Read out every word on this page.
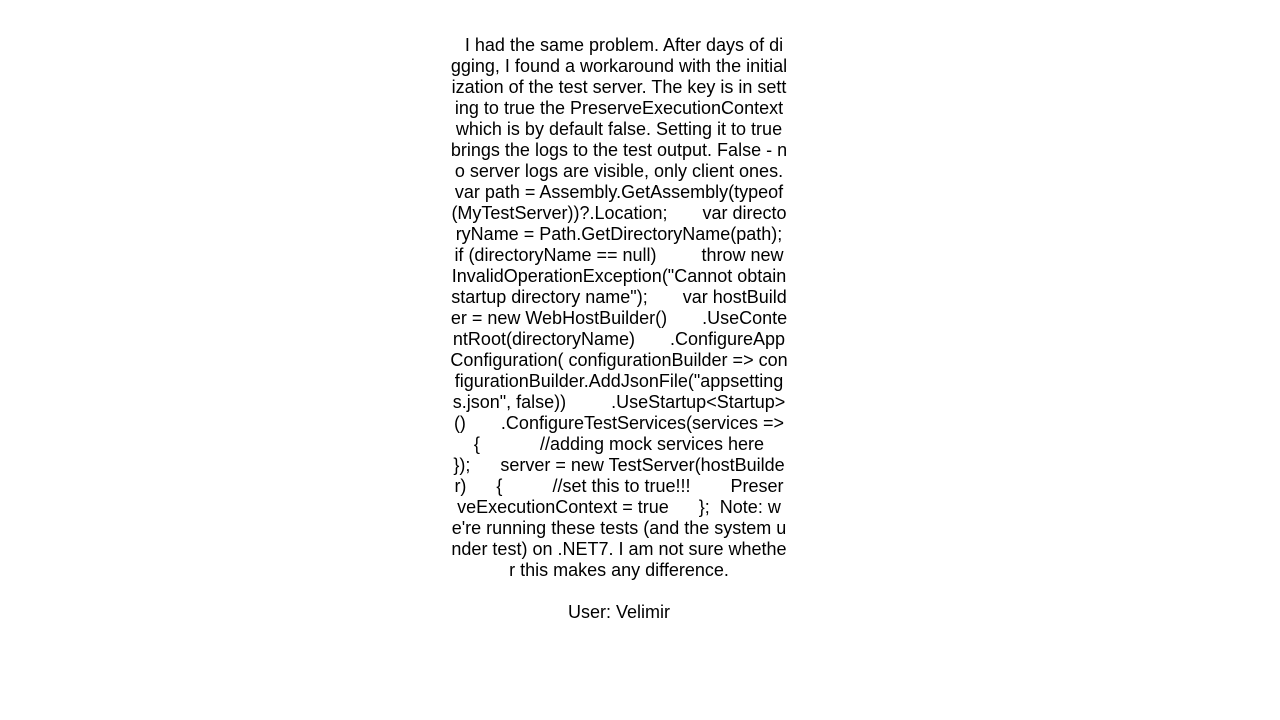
I had the same problem. After days of digging, I found a workaround with the initialization of the test server. The key is in setting to true the PreserveExecutionContext which is by default false. Setting it to true brings the logs to the test output. False - no server logs are visible, only client ones.     var path = Assembly.GetAssembly(typeof(MyTestServer))?.Location;       var directoryName = Path.GetDirectoryName(path);      if (directoryName == null)         throw new InvalidOperationException("Cannot obtain startup directory name");       var hostBuilder = new WebHostBuilder()       .UseContentRoot(directoryName)       .ConfigureAppConfiguration( configurationBuilder => configurationBuilder.AddJsonFile("appsettings.json", false))         .UseStartup<Startup>()       .ConfigureTestServices(services =>         {            //adding mock services here         });      server = new TestServer(hostBuilder)      {          //set this to true!!!        PreserveExecutionContext = true      };  Note: we're running these tests (and the system under test) on .NET7. I am not sure whether this makes any difference.

User: Velimir
